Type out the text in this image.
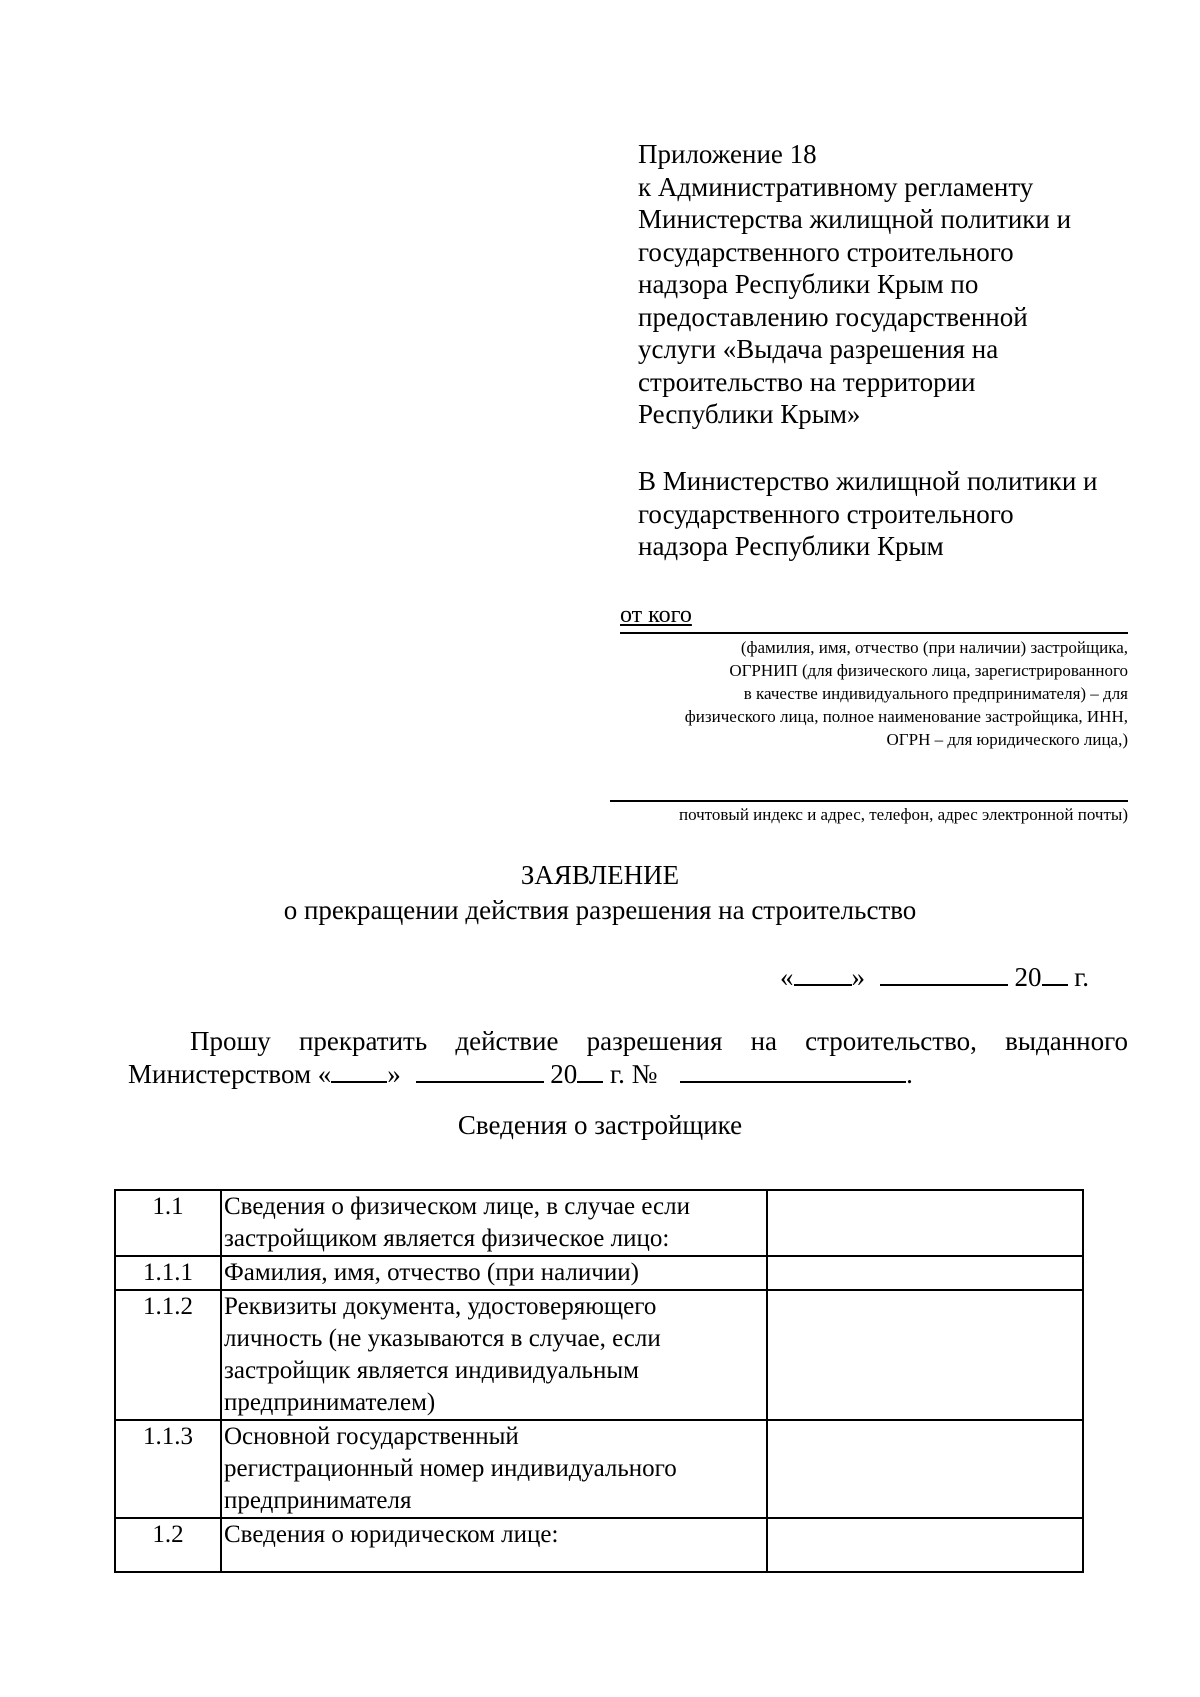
Приложение 18
к Административному регламенту
Министерства жилищной политики и
государственного строительного
надзора Республики Крым по
предоставлению государственной
услуги «Выдача разрешения на
строительство на территории
Республики Крым»
В Министерство жилищной политики и
государственного строительного
надзора Республики Крым
от кого
(фамилия, имя, отчество (при наличии) застройщика,
ОГРНИП (для физического лица, зарегистрированного
в качестве индивидуального предпринимателя) – для
физического лица, полное наименование застройщика, ИНН,
ОГРН – для юридического лица,)
почтовый индекс и адрес, телефон, адрес электронной почты)
ЗАЯВЛЕНИЕ
о прекращении действия разрешения на строительство
« »	20 г.
Прошу прекратить действие разрешения на строительство, выданного
Министерством « »	20 г. №	.
Сведения о застройщике
1.1	Сведения о физическом лице, в случае если
застройщиком является физическое лицо:	

1.1.1	Фамилия, имя, отчество (при наличии)	

1.1.2	Реквизиты документа, удостоверяющего
личность (не указываются в случае, если
застройщик является индивидуальным
предпринимателем)	

1.1.3	Основной государственный
регистрационный номер индивидуального
предпринимателя	

1.2	Сведения о юридическом лице:	
